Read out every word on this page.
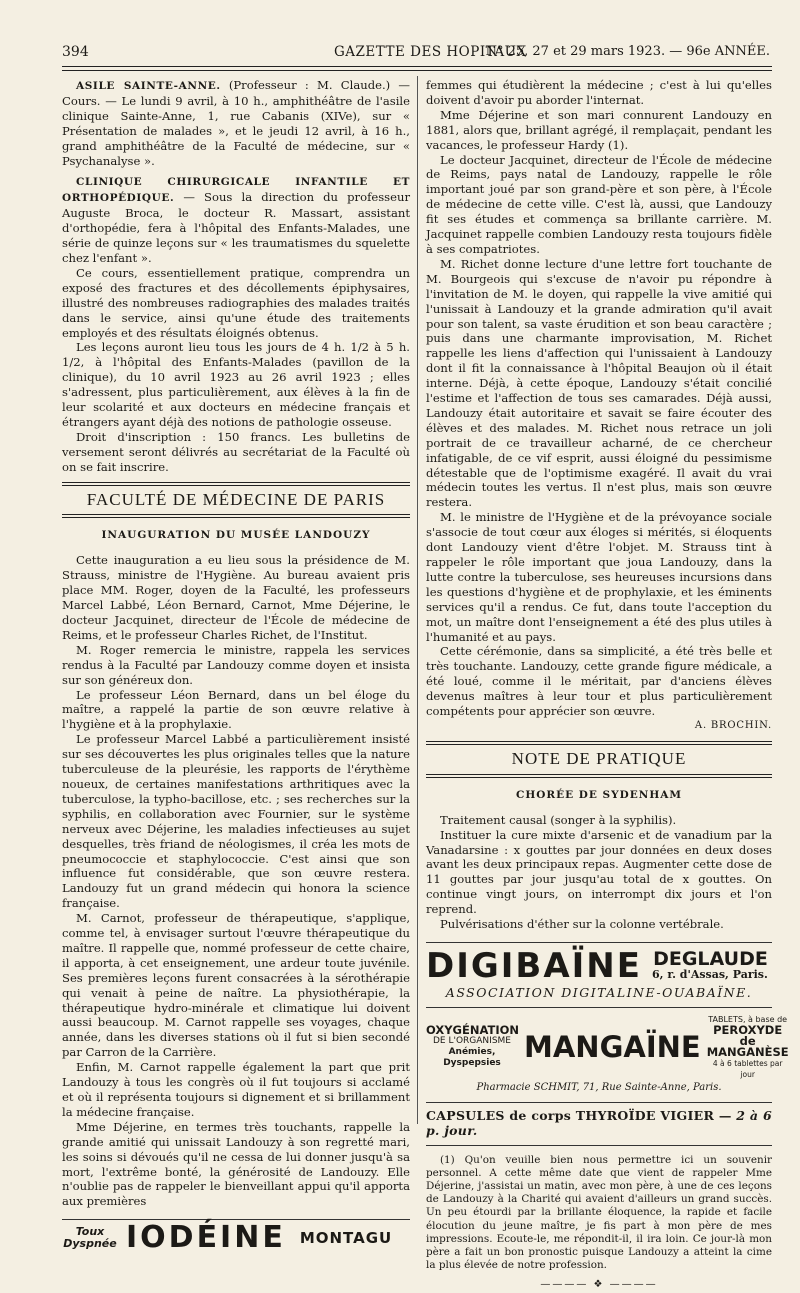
394	GAZETTE DES HOPITAUX
N° 25, 27 et 29 mars 1923. — 96e ANNÉE.

ASILE SAINTE-ANNE. (Professeur : M. Claude.) — Cours. — Le lundi 9 avril, à 10 h., amphithéâtre de l'asile clinique Sainte-Anne, 1, rue Cabanis (XIVe), sur « Présentation de malades », et le jeudi 12 avril, à 16 h., grand amphithéâtre de la Faculté de médecine, sur « Psychanalyse ».

CLINIQUE CHIRURGICALE INFANTILE ET ORTHOPÉDIQUE. — Sous la direction du professeur Auguste Broca, le docteur R. Massart, assistant d'orthopédie, fera à l'hôpital des Enfants-Malades, une série de quinze leçons sur « les traumatismes du squelette chez l'enfant ».

Ce cours, essentiellement pratique, comprendra un exposé des fractures et des décollements épiphysaires, illustré des nombreuses radiographies des malades traités dans le service, ainsi qu'une étude des traitements employés et des résultats éloignés obtenus.

Les leçons auront lieu tous les jours de 4 h. 1/2 à 5 h. 1/2, à l'hôpital des Enfants-Malades (pavillon de la clinique), du 10 avril 1923 au 26 avril 1923 ; elles s'adressent, plus particulièrement, aux élèves à la fin de leur scolarité et aux docteurs en médecine français et étrangers ayant déjà des notions de pathologie osseuse.

Droit d'inscription : 150 francs. Les bulletins de versement seront délivrés au secrétariat de la Faculté où on se fait inscrire.

FACULTÉ DE MÉDECINE DE PARIS
INAUGURATION DU MUSÉE LANDOUZY

Cette inauguration a eu lieu sous la présidence de M. Strauss, ministre de l'Hygiène. Au bureau avaient pris place MM. Roger, doyen de la Faculté, les professeurs Marcel Labbé, Léon Bernard, Carnot, Mme Déjerine, le docteur Jacquinet, directeur de l'École de médecine de Reims, et le professeur Charles Richet, de l'Institut.

M. Roger remercia le ministre, rappela les services rendus à la Faculté par Landouzy comme doyen et insista sur son généreux don.

Le professeur Léon Bernard, dans un bel éloge du maître, a rappelé la partie de son œuvre relative à l'hygiène et à la prophylaxie.

Le professeur Marcel Labbé a particulièrement insisté sur ses découvertes les plus originales telles que la nature tuberculeuse de la pleurésie, les rapports de l'érythème noueux, de certaines manifestations arthritiques avec la tuberculose, la typho-bacillose, etc. ; ses recherches sur la syphilis, en collaboration avec Fournier, sur le système nerveux avec Déjerine, les maladies infectieuses au sujet desquelles, très friand de néologismes, il créa les mots de pneumococcie et staphylococcie. C'est ainsi que son influence fut considérable, que son œuvre restera. Landouzy fut un grand médecin qui honora la science française.

M. Carnot, professeur de thérapeutique, s'applique, comme tel, à envisager surtout l'œuvre thérapeutique du maître. Il rappelle que, nommé professeur de cette chaire, il apporta, à cet enseignement, une ardeur toute juvénile. Ses premières leçons furent consacrées à la sérothérapie qui venait à peine de naître. La physiothérapie, la thérapeutique hydro-minérale et climatique lui doivent aussi beaucoup. M. Carnot rappelle ses voyages, chaque année, dans les diverses stations où il fut si bien secondé par Carron de la Carrière.

Enfin, M. Carnot rappelle également la part que prit Landouzy à tous les congrès où il fut toujours si acclamé et où il représenta toujours si dignement et si brillamment la médecine française.

Mme Déjerine, en termes très touchants, rappelle la grande amitié qui unissait Landouzy à son regretté mari, les soins si dévoués qu'il ne cessa de lui donner jusqu'à sa mort, l'extrême bonté, la générosité de Landouzy. Elle n'oublie pas de rappeler le bienveillant appui qu'il apporta aux premières

Toux
Dyspnée IODÉINE MONTAGU

femmes qui étudièrent la médecine ; c'est à lui qu'elles doivent d'avoir pu aborder l'internat.

Mme Déjerine et son mari connurent Landouzy en 1881, alors que, brillant agrégé, il remplaçait, pendant les vacances, le professeur Hardy (1).

Le docteur Jacquinet, directeur de l'École de médecine de Reims, pays natal de Landouzy, rappelle le rôle important joué par son grand-père et son père, à l'École de médecine de cette ville. C'est là, aussi, que Landouzy fit ses études et commença sa brillante carrière. M. Jacquinet rappelle combien Landouzy resta toujours fidèle à ses compatriotes.

M. Richet donne lecture d'une lettre fort touchante de M. Bourgeois qui s'excuse de n'avoir pu répondre à l'invitation de M. le doyen, qui rappelle la vive amitié qui l'unissait à Landouzy et la grande admiration qu'il avait pour son talent, sa vaste érudition et son beau caractère ; puis dans une charmante improvisation, M. Richet rappelle les liens d'affection qui l'unissaient à Landouzy dont il fit la connaissance à l'hôpital Beaujon où il était interne. Déjà, à cette époque, Landouzy s'était concilié l'estime et l'affection de tous ses camarades. Déjà aussi, Landouzy était autoritaire et savait se faire écouter des élèves et des malades. M. Richet nous retrace un joli portrait de ce travailleur acharné, de ce chercheur infatigable, de ce vif esprit, aussi éloigné du pessimisme détestable que de l'optimisme exagéré. Il avait du vrai médecin toutes les vertus. Il n'est plus, mais son œuvre restera.

M. le ministre de l'Hygiène et de la prévoyance sociale s'associe de tout cœur aux éloges si mérités, si éloquents dont Landouzy vient d'être l'objet. M. Strauss tint à rappeler le rôle important que joua Landouzy, dans la lutte contre la tuberculose, ses heureuses incursions dans les questions d'hygiène et de prophylaxie, et les éminents services qu'il a rendus. Ce fut, dans toute l'acception du mot, un maître dont l'enseignement a été des plus utiles à l'humanité et au pays.

Cette cérémonie, dans sa simplicité, a été très belle et très touchante. Landouzy, cette grande figure médicale, a été loué, comme il le méritait, par d'anciens élèves devenus maîtres à leur tour et plus particulièrement compétents pour apprécier son œuvre.

A. BROCHIN.
NOTE DE PRATIQUE
CHORÉE DE SYDENHAM

Traitement causal (songer à la syphilis).

Instituer la cure mixte d'arsenic et de vanadium par la Vanadarsine : x gouttes par jour données en deux doses avant les deux principaux repas. Augmenter cette dose de 11 gouttes par jour jusqu'au total de x gouttes. On continue vingt jours, on interrompt dix jours et l'on reprend.

Pulvérisations d'éther sur la colonne vertébrale.

DIGIBAÏNE DEGLAUDE
6, r. d'Assas, Paris.
ASSOCIATION DIGITALINE-OUABAÏNE.
OXYGÉNATION
DE L'ORGANISME
Anémies, Dyspepsies MANGAÏNE
TABLETS, à base de
PEROXYDE de MANGANÈSE
4 à 6 tablettes par jour
Pharmacie SCHMIT, 71, Rue Sainte-Anne, Paris.
CAPSULES de corps THYROÏDE VIGIER — 2 à 6 p. jour.

(1) Qu'on veuille bien nous permettre ici un souvenir personnel. A cette même date que vient de rappeler Mme Déjerine, j'assistai un matin, avec mon père, à une de ces leçons de Landouzy à la Charité qui avaient d'ailleurs un grand succès. Un peu étourdi par la brillante éloquence, la rapide et facile élocution du jeune maître, je fis part à mon père de mes impressions. Ecoute-le, me répondit-il, il ira loin. Ce jour-là mon père a fait un bon pronostic puisque Landouzy a atteint la cime la plus élevée de notre profession.

———— ❖ ————
